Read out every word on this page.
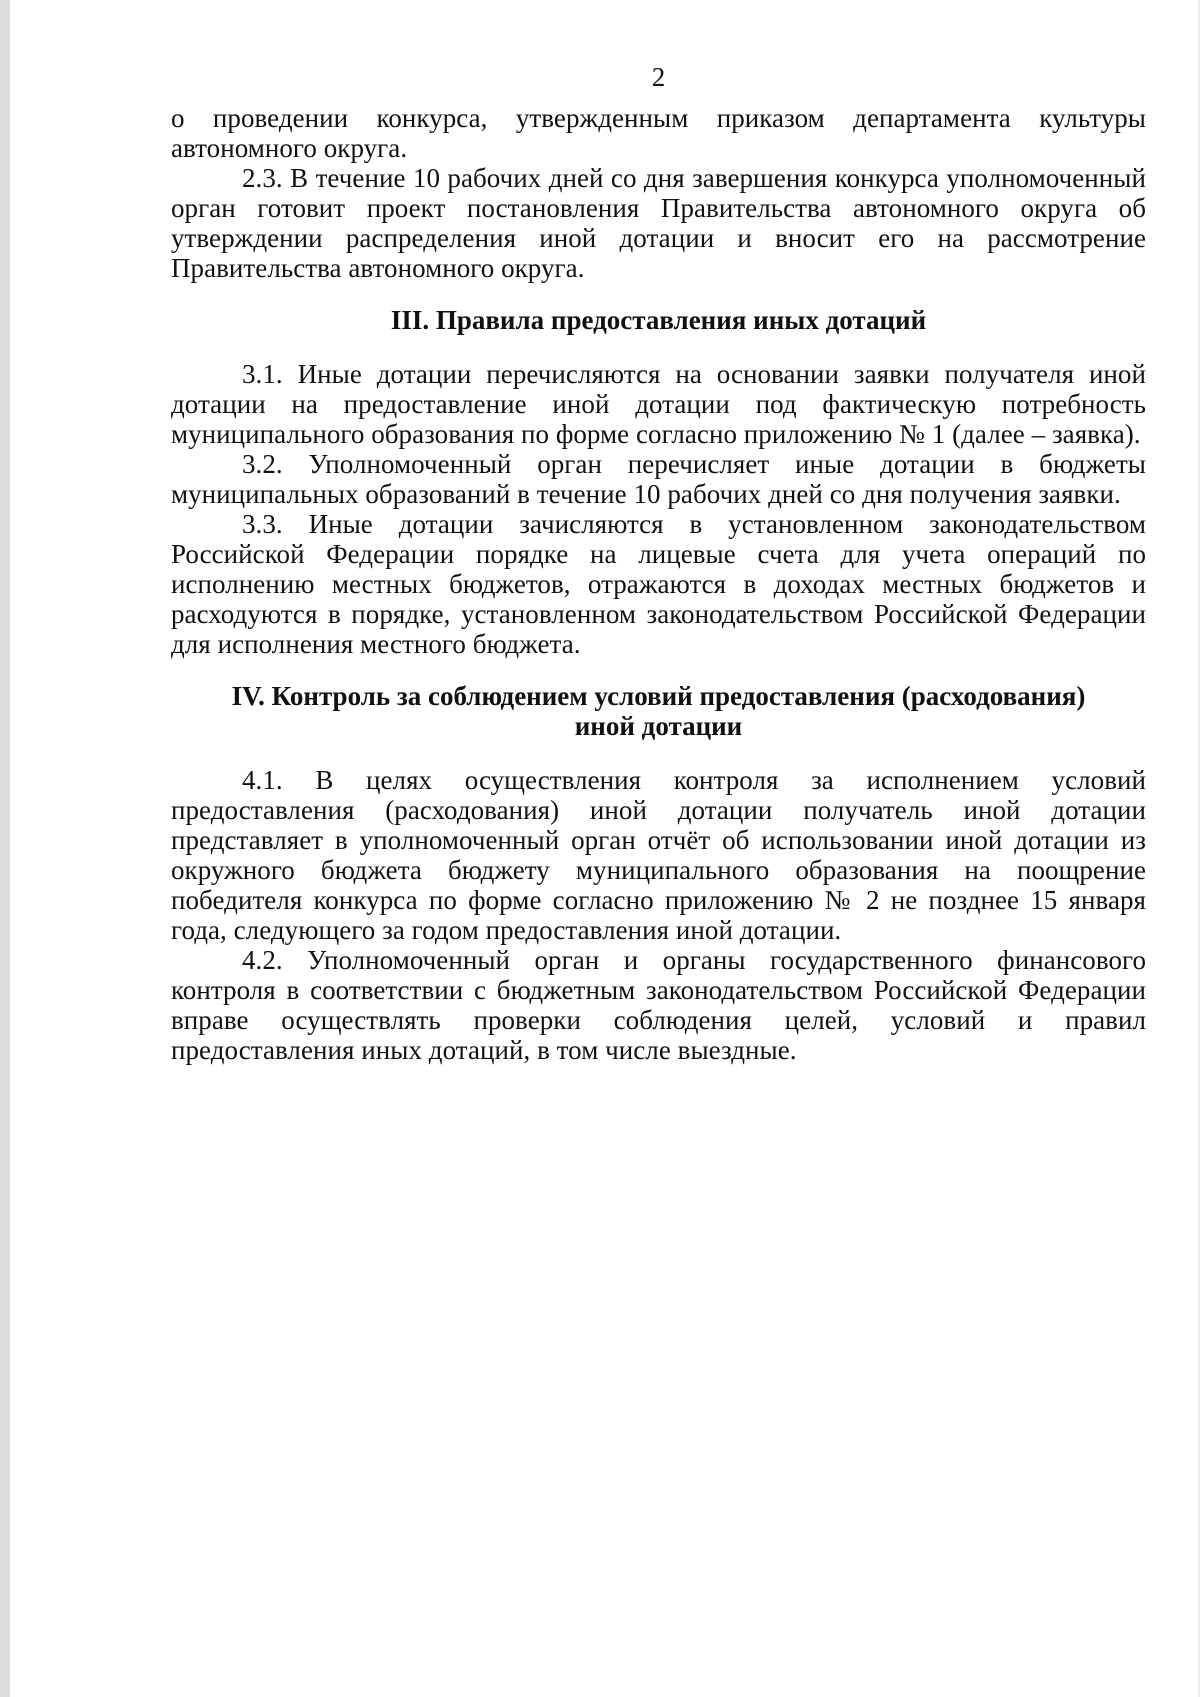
2

о проведении конкурса, утвержденным приказом департамента культуры автономного округа.

2.3. В течение 10 рабочих дней со дня завершения конкурса уполномоченный орган готовит проект постановления Правительства автономного округа об утверждении распределения иной дотации и вносит его на рассмотрение Правительства автономного округа.

III. Правила предоставления иных дотаций

3.1. Иные дотации перечисляются на основании заявки получателя иной дотации на предоставление иной дотации под фактическую потребность муниципального образования по форме согласно приложению № 1 (далее – заявка).

3.2. Уполномоченный орган перечисляет иные дотации в бюджеты муниципальных образований в течение 10 рабочих дней со дня получения заявки.

3.3. Иные дотации зачисляются в установленном законодательством Российской Федерации порядке на лицевые счета для учета операций по исполнению местных бюджетов, отражаются в доходах местных бюджетов и расходуются в порядке, установленном законодательством Российской Федерации для исполнения местного бюджета.

IV. Контроль за соблюдением условий предоставления (расходования)

иной дотации

4.1. В целях осуществления контроля за исполнением условий предоставления (расходования) иной дотации получатель иной дотации представляет в уполномоченный орган отчёт об использовании иной дотации из окружного бюджета бюджету муниципального образования на поощрение победителя конкурса по форме согласно приложению № 2 не позднее 15 января года, следующего за годом предоставления иной дотации.

4.2. Уполномоченный орган и органы государственного финансового контроля в соответствии с бюджетным законодательством Российской Федерации вправе осуществлять проверки соблюдения целей, условий и правил предоставления иных дотаций, в том числе выездные.
